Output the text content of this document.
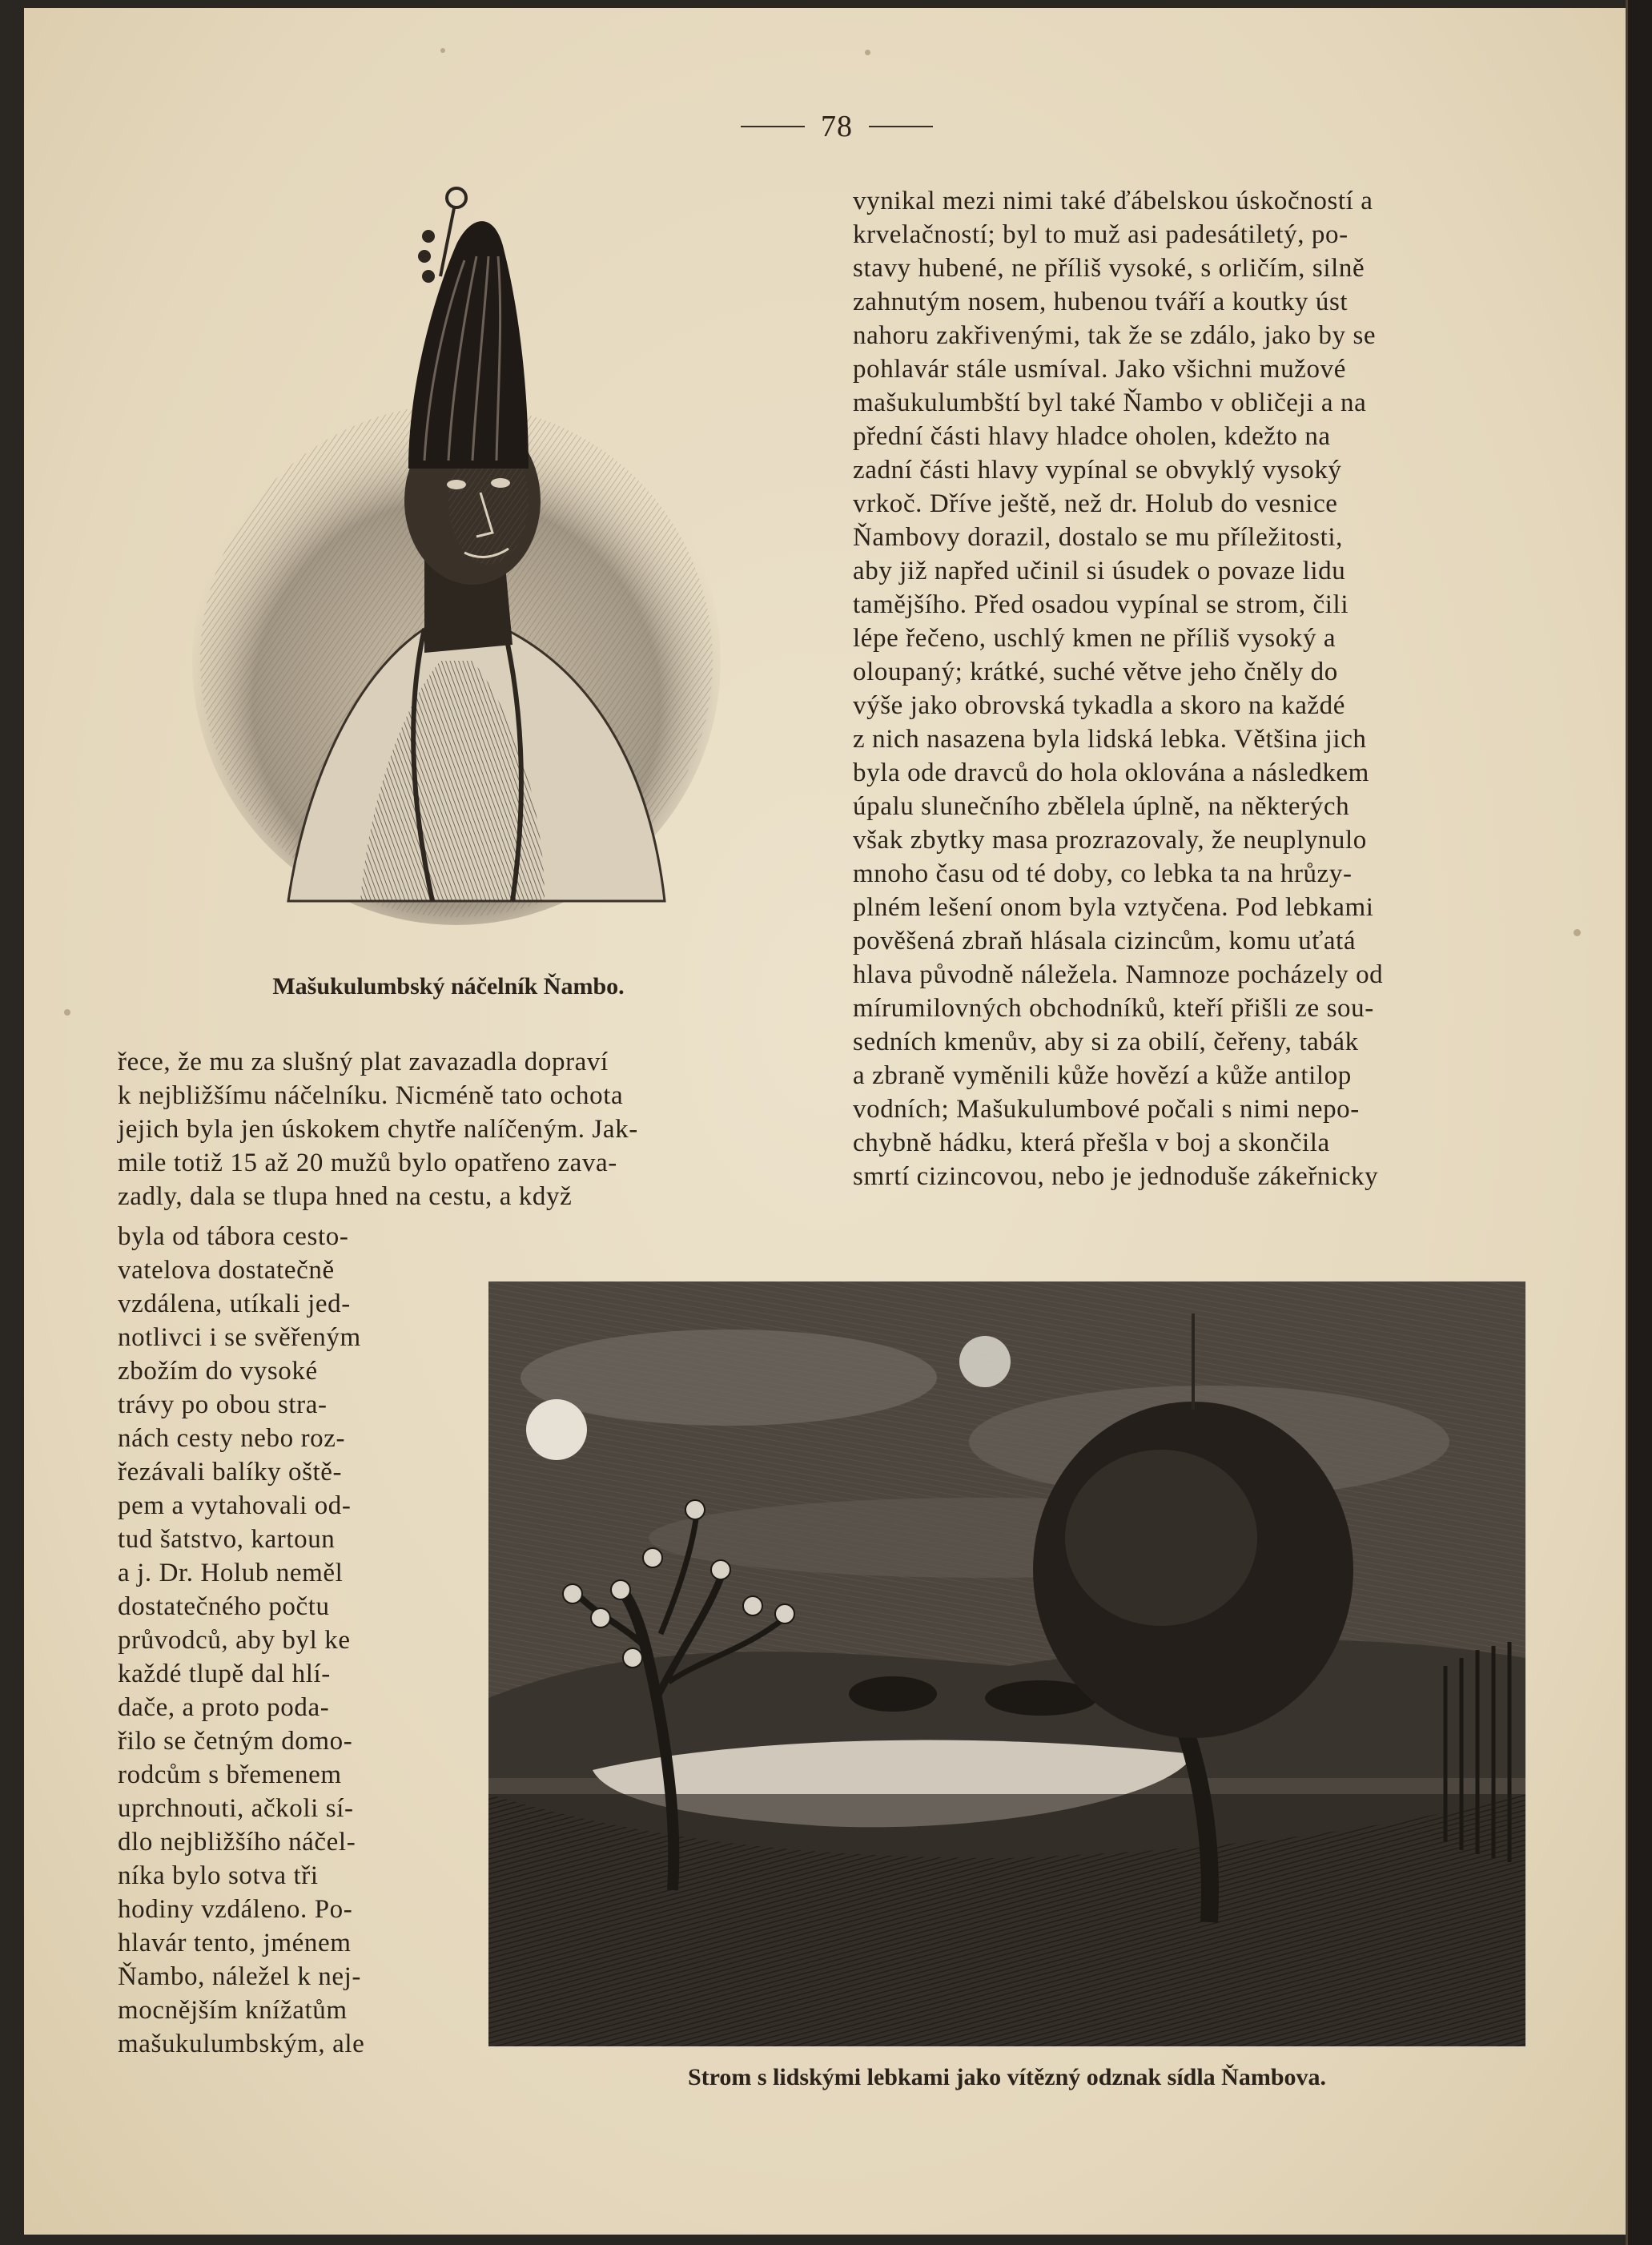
78
Mašukulumbský náčelník Ňambo.

vynikal mezi nimi také ďábelskou úskočností a

krvelačností; byl to muž asi padesátiletý, po-

stavy hubené, ne příliš vysoké, s orličím, silně

zahnutým nosem, hubenou tváří a koutky úst

nahoru zakřivenými, tak že se zdálo, jako by se

pohlavár stále usmíval. Jako všichni mužové

mašukulumbští byl také Ňambo v obličeji a na

přední části hlavy hladce oholen, kdežto na

zadní části hlavy vypínal se obvyklý vysoký

vrkoč. Dříve ještě, než dr. Holub do vesnice

Ňambovy dorazil, dostalo se mu příležitosti,

aby již napřed učinil si úsudek o povaze lidu

tamějšího. Před osadou vypínal se strom, čili

lépe řečeno, uschlý kmen ne příliš vysoký a

oloupaný; krátké, suché větve jeho čněly do

výše jako obrovská tykadla a skoro na každé

z nich nasazena byla lidská lebka. Většina jich

byla ode dravců do hola oklována a následkem

úpalu slunečního zbělela úplně, na některých

však zbytky masa prozrazovaly, že neuplynulo

mnoho času od té doby, co lebka ta na hrůzy-

plném lešení onom byla vztyčena. Pod lebkami

pověšená zbraň hlásala cizincům, komu uťatá

hlava původně náležela. Namnoze pocházely od

mírumilovných obchodníků, kteří přišli ze sou-

sedních kmenův, aby si za obilí, čeřeny, tabák

a zbraně vyměnili kůže hovězí a kůže antilop

vodních; Mašukulumbové počali s nimi nepo-

chybně hádku, která přešla v boj a skončila

smrtí cizincovou, nebo je jednoduše zákeřnicky

řece, že mu za slušný plat zavazadla dopraví

k nejbližšímu náčelníku. Nicméně tato ochota

jejich byla jen úskokem chytře nalíčeným. Jak-

mile totiž 15 až 20 mužů bylo opatřeno zava-

zadly, dala se tlupa hned na cestu, a když

byla od tábora cesto-

vatelova dostatečně

vzdálena, utíkali jed-

notlivci i se svěřeným

zbožím do vysoké

trávy po obou stra-

nách cesty nebo roz-

řezávali balíky oště-

pem a vytahovali od-

tud šatstvo, kartoun

a j. Dr. Holub neměl

dostatečného počtu

průvodců, aby byl ke

každé tlupě dal hlí-

dače, a proto poda-

řilo se četným domo-

rodcům s břemenem

uprchnouti, ačkoli sí-

dlo nejbližšího náčel-

níka bylo sotva tři

hodiny vzdáleno. Po-

hlavár tento, jménem

Ňambo, náležel k nej-

mocnějším knížatům

mašukulumbským, ale

Strom s lidskými lebkami jako vítězný odznak sídla Ňambova.
